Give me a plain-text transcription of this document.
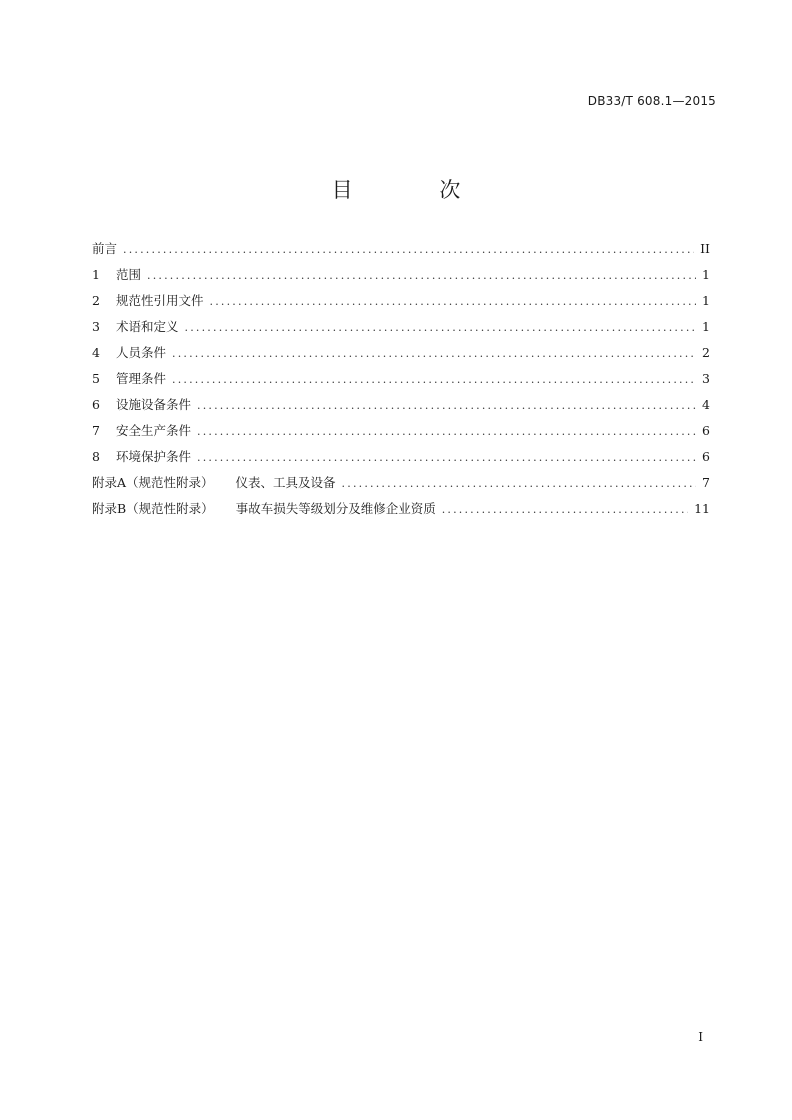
DB33/T 608.1—2015
目 次
前言 .....	II
1 范围 .....	1
2 规范性引用文件 .....	1
3 术语和定义 .....	1
4 人员条件 .....	2
5 管理条件 .....	3
6 设施设备条件 .....	4
7 安全生产条件 .....	6
8 环境保护条件 .....	6
附录A（规范性附录） 仪表、工具及设备 .....	7
附录B（规范性附录） 事故车损失等级划分及维修企业资质 .....	11
I
